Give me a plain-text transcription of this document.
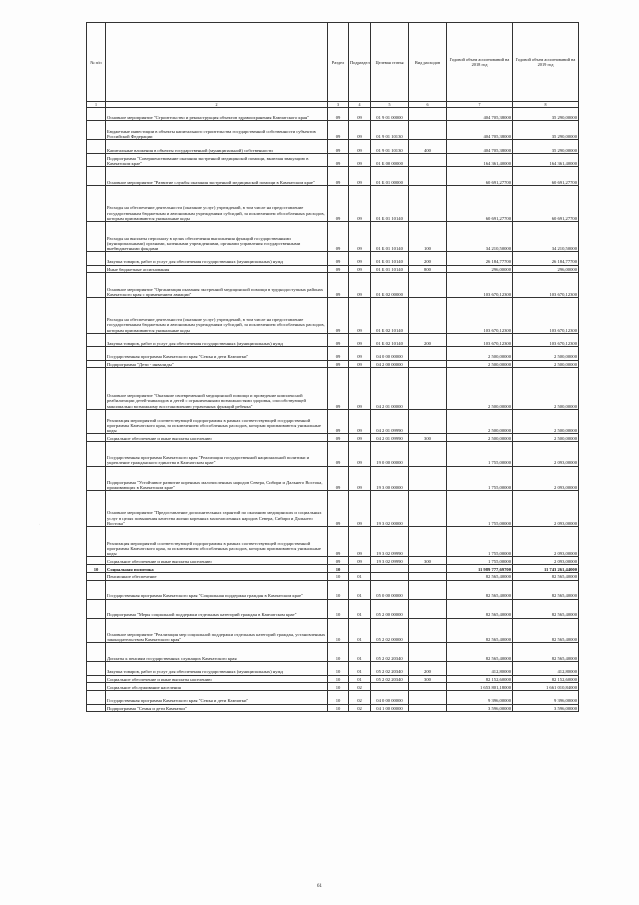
№ п/п		Раздел	Подраздел	Целевая статья	Вид расходов	Годовой объем ассигнований на 2018 год	Годовой объем ассигнований на 2019 год
1	2	3	4	5	6	7	8
	Основное мероприятие "Строительство и реконструкция объектов здравоохранения Камчатского края"	09	09	01 9 01 00000		404 705,38000	35 290,00000
	Бюджетные инвестиции в объекты капитального строительства государственной собственности субъектов Российской Федерации	09	09	01 9 01 10130		404 705,38000	35 290,00000
	Капитальные вложения в объекты государственной (муниципальной) собственности	09	09	01 9 01 10130	400	404 705,38000	35 290,00000
	Подпрограмма "Совершенствование оказания экстренной медицинской помощи, включая эвакуацию в Камчатском крае"	09	09	01 Б 00 00000		164 361,40000	164 361,40000
	Основное мероприятие "Развитие службы оказания экстренной медицинской помощи в Камчатском крае"	09	09	01 Б 01 00000		60 691,27700	60 691,27700
	Расходы на обеспечение деятельности (оказание услуг) учреждений, в том числе на предоставление государственным бюджетным и автономным учреждениям субсидий, за исключением обособленных расходов, которым присваиваются уникальные коды	09	09	01 Б 01 10140		60 691,27700	60 691,27700
	Расходы на выплаты персоналу в целях обеспечения выполнения функций государственными (муниципальными) органами, казенными учреждениями, органами управления государственными внебюджетными фондами	09	09	01 Б 01 10140	100	34 210,50000	34 210,50000
	Закупка товаров, работ и услуг для обеспечения государственных (муниципальных) нужд	09	09	01 Б 01 10140	200	26 184,77700	26 184,77700
	Иные бюджетные ассигнования	09	09	01 Б 01 10140	800	296,00000	296,00000
	Основное мероприятие "Организация оказания экстренной медицинской помощи в труднодоступных районах Камчатского края с применением авиации"	09	09	01 Б 02 00000		103 670,12300	103 670,12300
	Расходы на обеспечение деятельности (оказание услуг) учреждений, в том числе на предоставление государственным бюджетным и автономным учреждениям субсидий, за исключением обособленных расходов, которым присваиваются уникальные коды	09	09	01 Б 02 10140		103 670,12300	103 670,12300
	Закупка товаров, работ и услуг для обеспечения государственных (муниципальных) нужд	09	09	01 Б 02 10140	200	103 670,12300	103 670,12300
	Государственная программа Камчатского края "Семья и дети Камчатки"	09	09	04 0 00 00000		2 500,00000	2 500,00000
	Подпрограмма "Дети - инвалиды"	09	09	04 2 00 00000		2 500,00000	2 500,00000
	Основное мероприятие "Оказание своевременной медицинской помощи и проведение комплексной реабилитации детей-инвалидов и детей с ограниченными возможностями здоровья, способствующей максимально возможному восстановлению утраченных функций ребенка"	09	09	04 2 01 00000		2 500,00000	2 500,00000
	Реализация мероприятий соответствующей подпрограммы в рамках соответствующей государственной программы Камчатского края, за исключением обособленных расходов, которым присваиваются уникальные коды	09	09	04 2 01 09990		2 500,00000	2 500,00000
	Социальное обеспечение и иные выплаты населению	09	09	04 2 01 09990	300	2 500,00000	2 500,00000
	Государственная программа Камчатского края "Реализация государственной национальной политики и укрепление гражданского единства в Камчатском крае"	09	09	19 0 00 00000		1 755,00000	2 093,00000
	Подпрограмма "Устойчивое развитие коренных малочисленных народов Севера, Сибири и Дальнего Востока, проживающих в Камчатском крае"	09	09	19 3 00 00000		1 755,00000	2 093,00000
	Основное мероприятие "Предоставление дополнительных гарантий по оказанию медицинских и социальных услуг в целях повышения качества жизни коренных малочисленных народов Севера, Сибири и Дальнего Востока"	09	09	19 3 02 00000		1 755,00000	2 093,00000
	Реализация мероприятий соответствующей подпрограммы в рамках соответствующей государственной программы Камчатского края, за исключением обособленных расходов, которым присваиваются уникальные коды	09	09	19 3 02 09990		1 755,00000	2 093,00000
	Социальное обеспечение и иные выплаты населению	09	09	19 3 02 09990	300	1 755,00000	2 093,00000
10	Социальная политика	10				11 989 777,69700	11 743 261,44000
	Пенсионное обеспечение	10	01			82 565,40000	82 565,40000
	Государственная программа Камчатского края "Социальная поддержка граждан в Камчатском крае"	10	01	05 0 00 00000		82 565,40000	82 565,40000
	Подпрограмма "Меры социальной поддержки отдельных категорий граждан в Камчатском крае"	10	01	05 2 00 00000		82 565,40000	82 565,40000
	Основное мероприятие "Реализация мер социальной поддержки отдельных категорий граждан, установленных законодательством Камчатского края"	10	01	05 2 02 00000		82 565,40000	82 565,40000
	Доплаты к пенсиям государственных служащих Камчатского края	10	01	05 2 02 20340		82 565,40000	82 565,40000
	Закупка товаров, работ и услуг для обеспечения государственных (муниципальных) нужд	10	01	05 2 02 20340	200	412,80000	412,80000
	Социальное обеспечение и иные выплаты населению	10	01	05 2 02 20340	300	82 152,60000	82 152,60000
	Социальное обслуживание населения	10	02			1 653 801,18000	1 661 010,84000
	Государственная программа Камчатского края "Семья и дети Камчатки"	10	02	04 0 00 00000		9 396,00000	9 396,00000
	Подпрограмма "Семья и дети Камчатки"	10	02	04 1 00 00000		3 596,00000	3 596,00000
·
61
